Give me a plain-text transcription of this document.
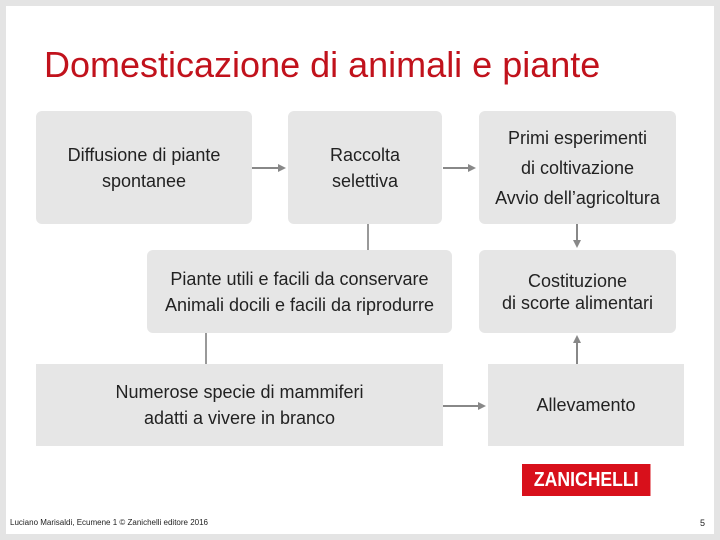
Domesticazione di animali e piante
Diffusione di piante
spontanee
Raccolta
selettiva
Primi esperimenti
di coltivazione
Avvio dell’agricoltura
Piante utili e facili da conservare
Animali docili e facili da riprodurre
Costituzione
di scorte alimentari
Numerose specie di mammiferi
adatti a vivere in branco
Allevamento
ZANICHELLI
Luciano Marisaldi, Ecumene 1 © Zanichelli editore 2016	5
